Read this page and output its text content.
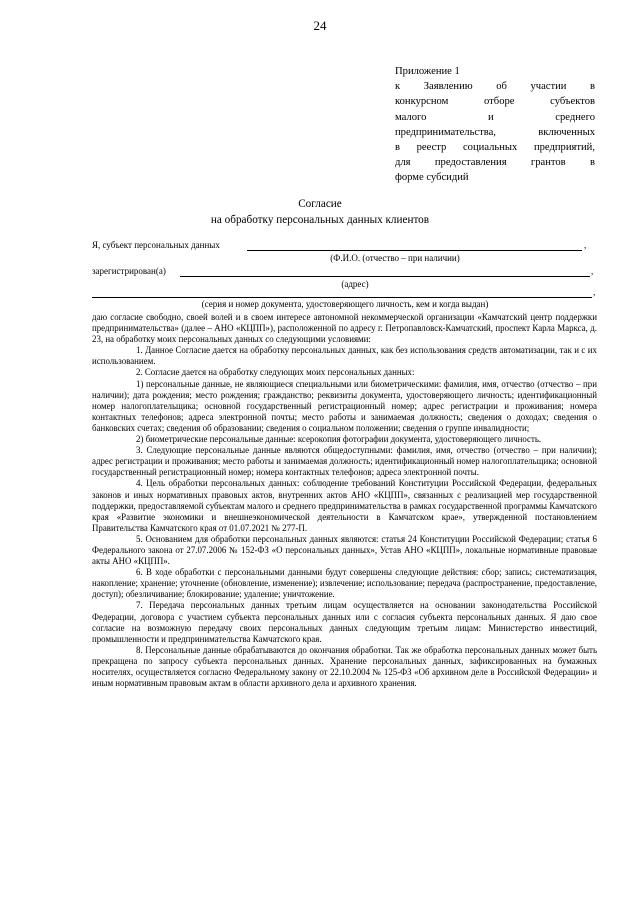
24
Приложение 1
к Заявлению об участии в
конкурсном отборе субъектов
малого и среднего
предпринимательства, включенных
в реестр социальных предприятий,
для предоставления грантов в
форме субсидий
Согласие
на обработку персональных данных клиентов
Я, субъект персональных данных	,
(Ф.И.О. (отчество – при наличии)
зарегистрирован(а)	,
(адрес)
,
(серия и номер документа, удостоверяющего личность, кем и когда выдан)

даю согласие свободно, своей волей и в своем интересе автономной некоммерческой организации «Камчатский центр поддержки предпринимательства» (далее – АНО «КЦПП»), расположенной по адресу г. Петропавловск-Камчатский, проспект Карла Маркса, д. 23, на обработку моих персональных данных со следующими условиями:

1. Данное Согласие дается на обработку персональных данных, как без использования средств автоматизации, так и с их использованием.

2. Согласие дается на обработку следующих моих персональных данных:

1) персональные данные, не являющиеся специальными или биометрическими: фамилия, имя, отчество (отчество – при наличии); дата рождения; место рождения; гражданство; реквизиты документа, удостоверяющего личность; идентификационный номер налогоплательщика; основной государственный регистрационный номер; адрес регистрации и проживания; номера контактных телефонов; адреса электронной почты; место работы и занимаемая должность; сведения о доходах; сведения о банковских счетах; сведения об образовании; сведения о социальном положении; сведения о группе инвалидности;

2) биометрические персональные данные: ксерокопия фотографии документа, удостоверяющего личность.

3. Следующие персональные данные являются общедоступными: фамилия, имя, отчество (отчество – при наличии); адрес регистрации и проживания; место работы и занимаемая должность; идентификационный номер налогоплательщика; основной государственный регистрационный номер; номера контактных телефонов; адреса электронной почты.

4. Цель обработки персональных данных: соблюдение требований Конституции Российской Федерации, федеральных законов и иных нормативных правовых актов, внутренних актов АНО «КЦПП», связанных с реализацией мер государственной поддержки, предоставляемой субъектам малого и среднего предпринимательства в рамках государственной программы Камчатского края «Развитие экономики и внешнеэкономической деятельности в Камчатском крае», утвержденной постановлением Правительства Камчатского края от 01.07.2021 № 277-П.

5. Основанием для обработки персональных данных являются: статья 24 Конституции Российской Федерации; статья 6 Федерального закона от 27.07.2006 № 152-ФЗ «О персональных данных», Устав АНО «КЦПП», локальные нормативные правовые акты АНО «КЦПП».

6. В ходе обработки с персональными данными будут совершены следующие действия: сбор; запись; систематизация, накопление; хранение; уточнение (обновление, изменение); извлечение; использование; передача (распространение, предоставление, доступ); обезличивание; блокирование; удаление; уничтожение.

7. Передача персональных данных третьим лицам осуществляется на основании законодательства Российской Федерации, договора с участием субъекта персональных данных или с согласия субъекта персональных данных. Я даю свое согласие на возможную передачу своих персональных данных следующим третьим лицам: Министерство инвестиций, промышленности и предпринимательства Камчатского края.

8. Персональные данные обрабатываются до окончания обработки. Так же обработка персональных данных может быть прекращена по запросу субъекта персональных данных. Хранение персональных данных, зафиксированных на бумажных носителях, осуществляется согласно Федеральному закону от 22.10.2004 № 125-ФЗ «Об архивном деле в Российской Федерации» и иным нормативным правовым актам в области архивного дела и архивного хранения.
